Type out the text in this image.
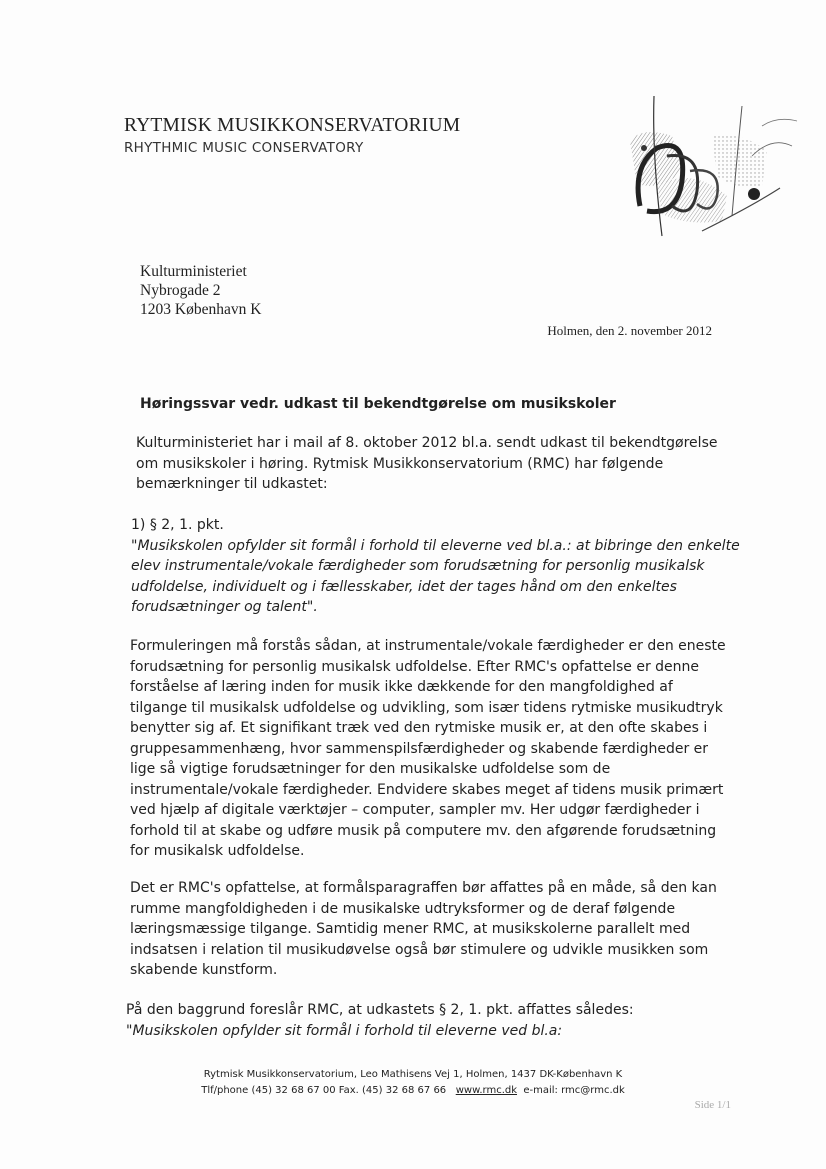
RYTMISK MUSIKKONSERVATORIUM
RHYTHMIC MUSIC CONSERVATORY
Kulturministeriet
Nybrogade 2
1203 København K
Holmen, den 2. november 2012
Høringssvar vedr. udkast til bekendtgørelse om musikskoler
Kulturministeriet har i mail af 8. oktober 2012 bl.a. sendt udkast til bekendtgørelse
om musikskoler i høring. Rytmisk Musikkonservatorium (RMC) har følgende
bemærkninger til udkastet:
1) § 2, 1. pkt.
"Musikskolen opfylder sit formål i forhold til eleverne ved bl.a.: at bibringe den enkelte
elev instrumentale/vokale færdigheder som forudsætning for personlig musikalsk
udfoldelse, individuelt og i fællesskaber, idet der tages hånd om den enkeltes
forudsætninger og talent".
Formuleringen må forstås sådan, at instrumentale/vokale færdigheder er den eneste
forudsætning for personlig musikalsk udfoldelse. Efter RMC's opfattelse er denne
forståelse af læring inden for musik ikke dækkende for den mangfoldighed af
tilgange til musikalsk udfoldelse og udvikling, som især tidens rytmiske musikudtryk
benytter sig af. Et signifikant træk ved den rytmiske musik er, at den ofte skabes i
gruppesammenhæng, hvor sammenspilsfærdigheder og skabende færdigheder er
lige så vigtige forudsætninger for den musikalske udfoldelse som de
instrumentale/vokale færdigheder. Endvidere skabes meget af tidens musik primært
ved hjælp af digitale værktøjer – computer, sampler mv. Her udgør færdigheder i
forhold til at skabe og udføre musik på computere mv. den afgørende forudsætning
for musikalsk udfoldelse.
Det er RMC's opfattelse, at formålsparagraffen bør affattes på en måde, så den kan
rumme mangfoldigheden i de musikalske udtryksformer og de deraf følgende
læringsmæssige tilgange. Samtidig mener RMC, at musikskolerne parallelt med
indsatsen i relation til musikudøvelse også bør stimulere og udvikle musikken som
skabende kunstform.
På den baggrund foreslår RMC, at udkastets § 2, 1. pkt. affattes således:
"Musikskolen opfylder sit formål i forhold til eleverne ved bl.a:
Rytmisk Musikkonservatorium, Leo Mathisens Vej 1, Holmen, 1437 DK-København K
Tlf/phone (45) 32 68 67 00 Fax. (45) 32 68 67 66 www.rmc.dk e-mail: rmc@rmc.dk
Side 1/1
